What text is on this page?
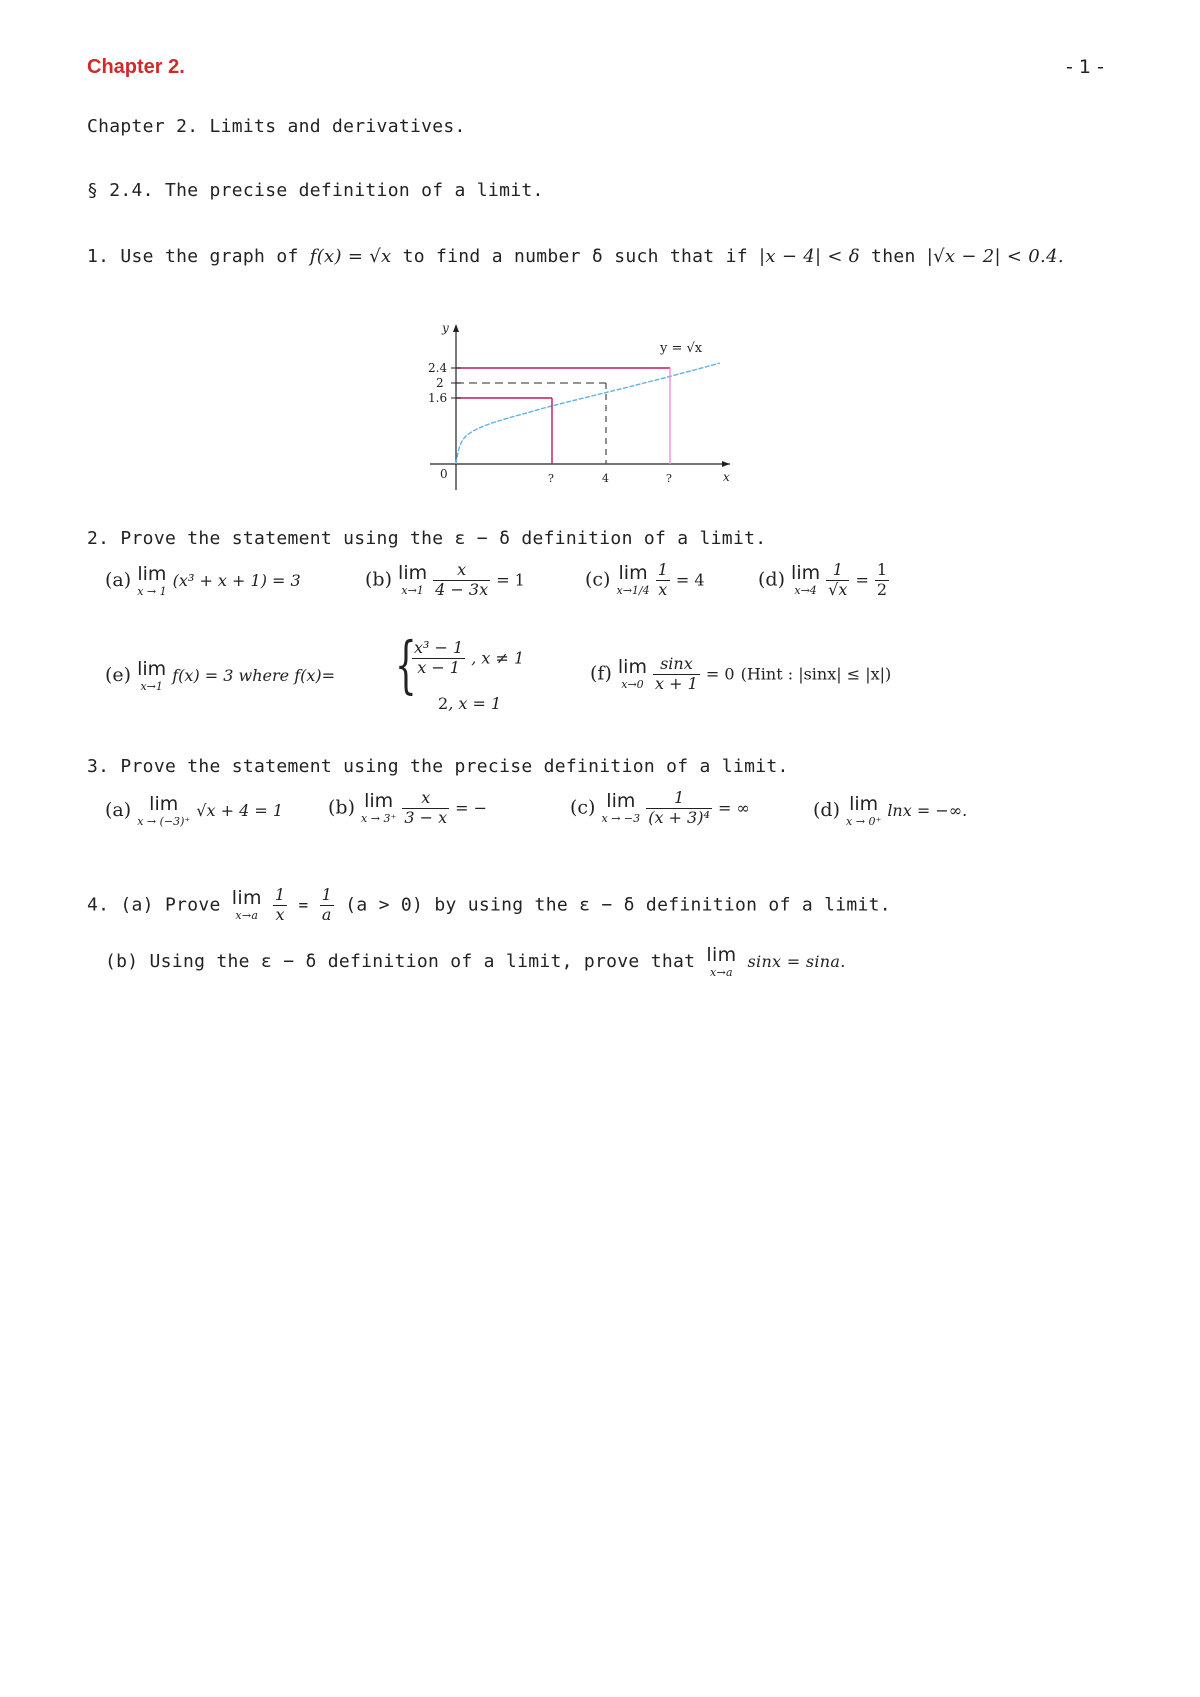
Chapter 2.	- 1 -
Chapter 2. Limits and derivatives.
§ 2.4. The precise definition of a limit.
1. Use the graph of f(x) = √x to find a number δ such that if |x − 4| < δ then |√x − 2| < 0.4.
y
x
y = √x
0
2.4
2
1.6
?	4	?
2. Prove the statement using the ε − δ definition of a limit.
(a) lim
x → 1
(x³ + x + 1) = 3	(b) lim
x→1
$\frac{x}{4 - 3x} = 1$	(c) lim
x→1/4
$\frac{1}{x} = 4$	(d) lim
x→4
$\frac{1}{√x} = \frac{1}{2}$
(e) lim
x→1
f(x) = 3 where f(x)= {
$\frac{\text{x³ − 1}}{x - 1}$ , x ≠ 1
2, x = 1
(f) lim
x→0
$\frac{\sin x}{x + 1} = 0$ (Hint : |sinx| ≤ |x|)
3. Prove the statement using the precise definition of a limit.
(a) lim
x → (−3)⁺
√x + 4 = 1 (b) lim
x → 3⁺
$\frac{x}{3 - x}$ = −	(c) lim
x → −3
$\frac{1}{\text{(x + 3)⁴}}$ = ∞	(d) lim
x → 0⁺
lnx = −∞.
4. (a) Prove lim
x→a
$\frac{1}{x} = \frac{1}{a} (a > 0)$ by using the ε − δ definition of a limit.
(b) Using the ε − δ definition of a limit, prove that lim
x→a
sinx = sina.
